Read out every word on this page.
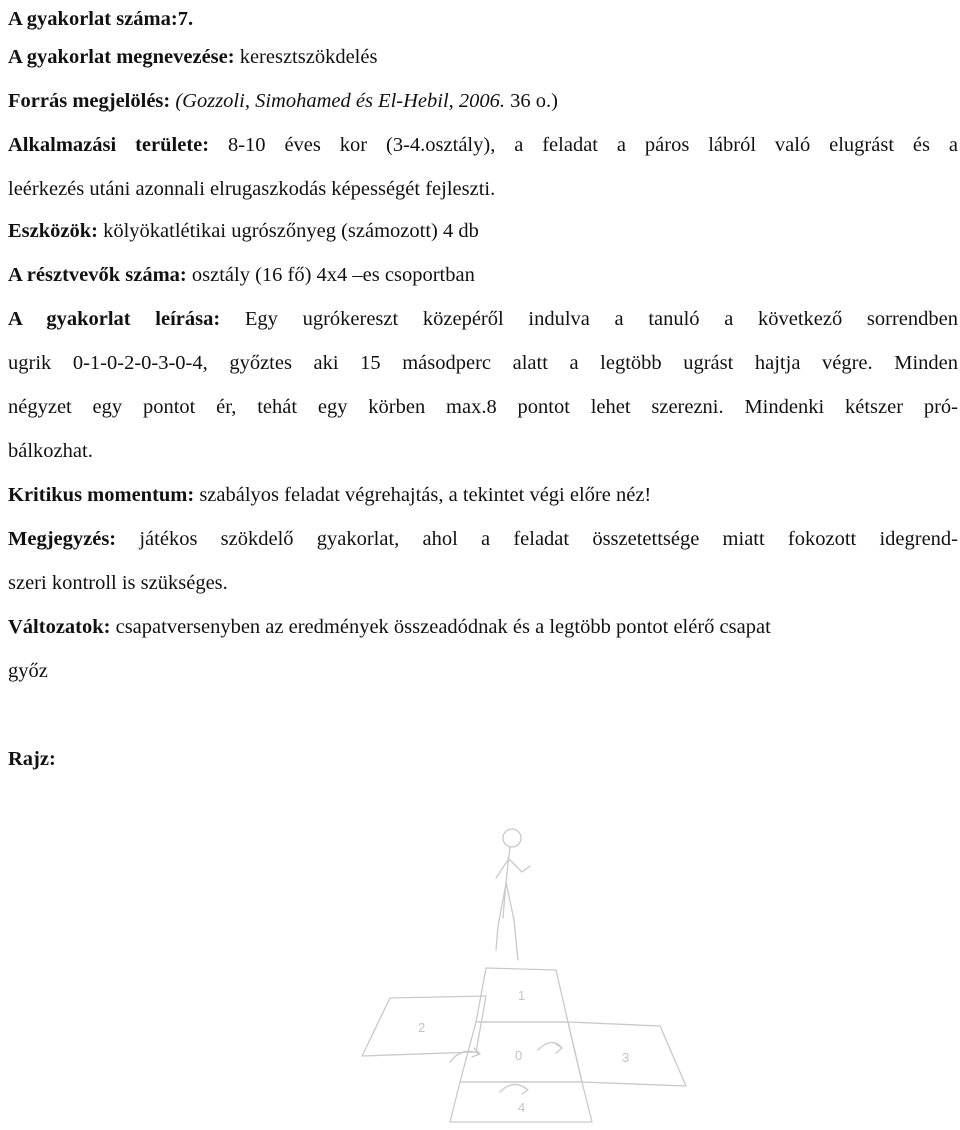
A gyakorlat száma:7.
A gyakorlat megnevezése: keresztszökdelés
Forrás megjelölés: (Gozzoli, Simohamed és El-Hebil, 2006. 36 o.)
Alkalmazási területe: 8-10 éves kor (3-4.osztály), a feladat a páros lábról való elugrást és a
leérkezés utáni azonnali elrugaszkodás képességét fejleszti.
Eszközök: kölyökatlétikai ugrószőnyeg (számozott) 4 db
A résztvevők száma: osztály (16 fő) 4x4 –es csoportban
A gyakorlat leírása: Egy ugrókereszt közepéről indulva a tanuló a következő sorrendben
ugrik 0-1-0-2-0-3-0-4, győztes aki 15 másodperc alatt a legtöbb ugrást hajtja végre. Minden
négyzet egy pontot ér, tehát egy körben max.8 pontot lehet szerezni. Mindenki kétszer pró-
bálkozhat.
Kritikus momentum: szabályos feladat végrehajtás, a tekintet végi előre néz!
Megjegyzés: játékos szökdelő gyakorlat, ahol a feladat összetettsége miatt fokozott idegrend-
szeri kontroll is szükséges.
Változatok: csapatversenyben az eredmények összeadódnak és a legtöbb pontot elérő csapat
győz
Rajz:
0
1
2
3
4
